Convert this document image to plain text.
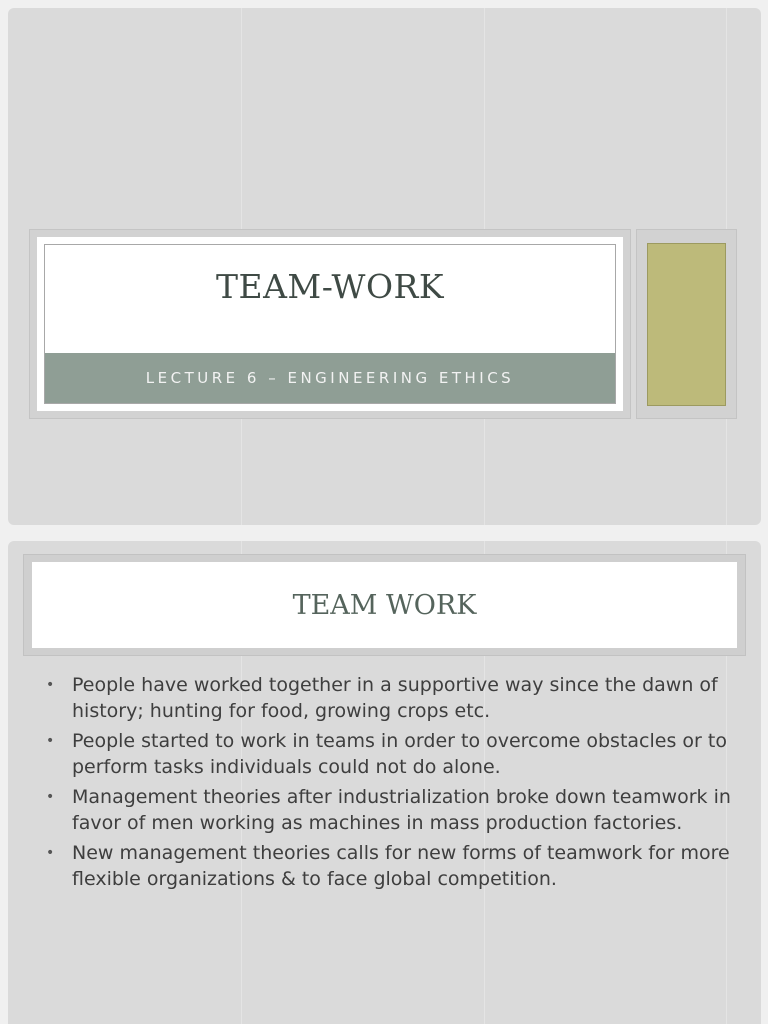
TEAM-WORK
LECTURE 6 – ENGINEERING ETHICS
TEAM WORK
• People have worked together in a supportive way since the dawn of history; hunting for food, growing crops etc.
• People started to work in teams in order to overcome obstacles or to perform tasks individuals could not do alone.
• Management theories after industrialization broke down teamwork in favor of men working as machines in mass production factories.
• New management theories calls for new forms of teamwork for more flexible organizations & to face global competition.
